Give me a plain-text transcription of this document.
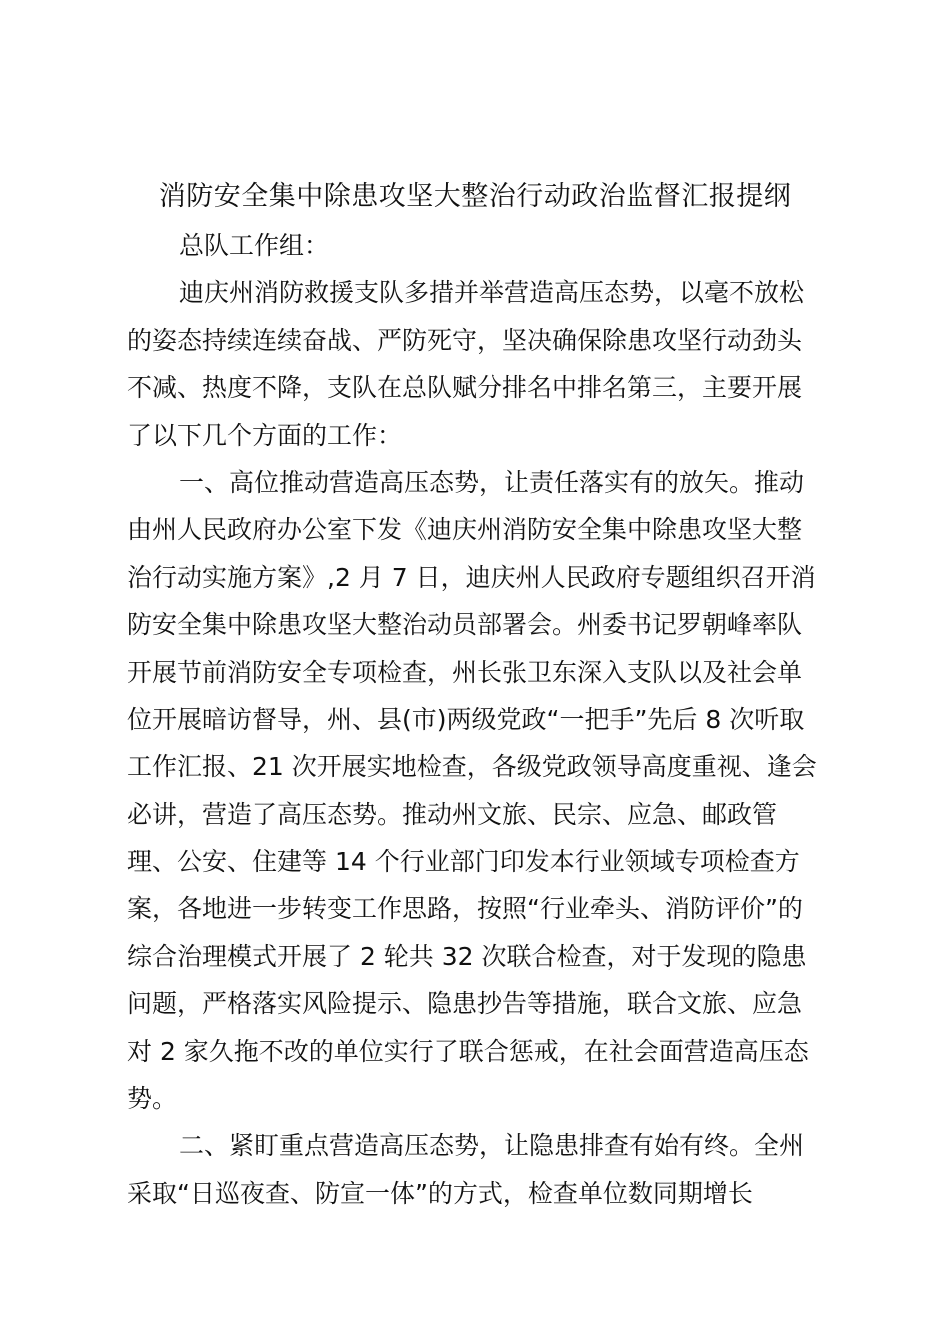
消防安全集中除患攻坚大整治行动政治监督汇报提纲
总队工作组：
迪庆州消防救援支队多措并举营造高压态势，以毫不放松
的姿态持续连续奋战、严防死守，坚决确保除患攻坚行动劲头
不减、热度不降，支队在总队赋分排名中排名第三，主要开展
了以下几个方面的工作：
一、高位推动营造高压态势，让责任落实有的放矢。推动
由州人民政府办公室下发《迪庆州消防安全集中除患攻坚大整
治行动实施方案》,2 月 7 日，迪庆州人民政府专题组织召开消
防安全集中除患攻坚大整治动员部署会。州委书记罗朝峰率队
开展节前消防安全专项检查，州长张卫东深入支队以及社会单
位开展暗访督导，州、县(市)两级党政“一把手”先后 8 次听取
工作汇报、21 次开展实地检查，各级党政领导高度重视、逢会
必讲，营造了高压态势。推动州文旅、民宗、应急、邮政管
理、公安、住建等 14 个行业部门印发本行业领域专项检查方
案，各地进一步转变工作思路，按照“行业牵头、消防评价”的
综合治理模式开展了 2 轮共 32 次联合检查，对于发现的隐患
问题，严格落实风险提示、隐患抄告等措施，联合文旅、应急
对 2 家久拖不改的单位实行了联合惩戒，在社会面营造高压态
势。
二、紧盯重点营造高压态势，让隐患排查有始有终。全州
采取“日巡夜查、防宣一体”的方式，检查单位数同期增长
